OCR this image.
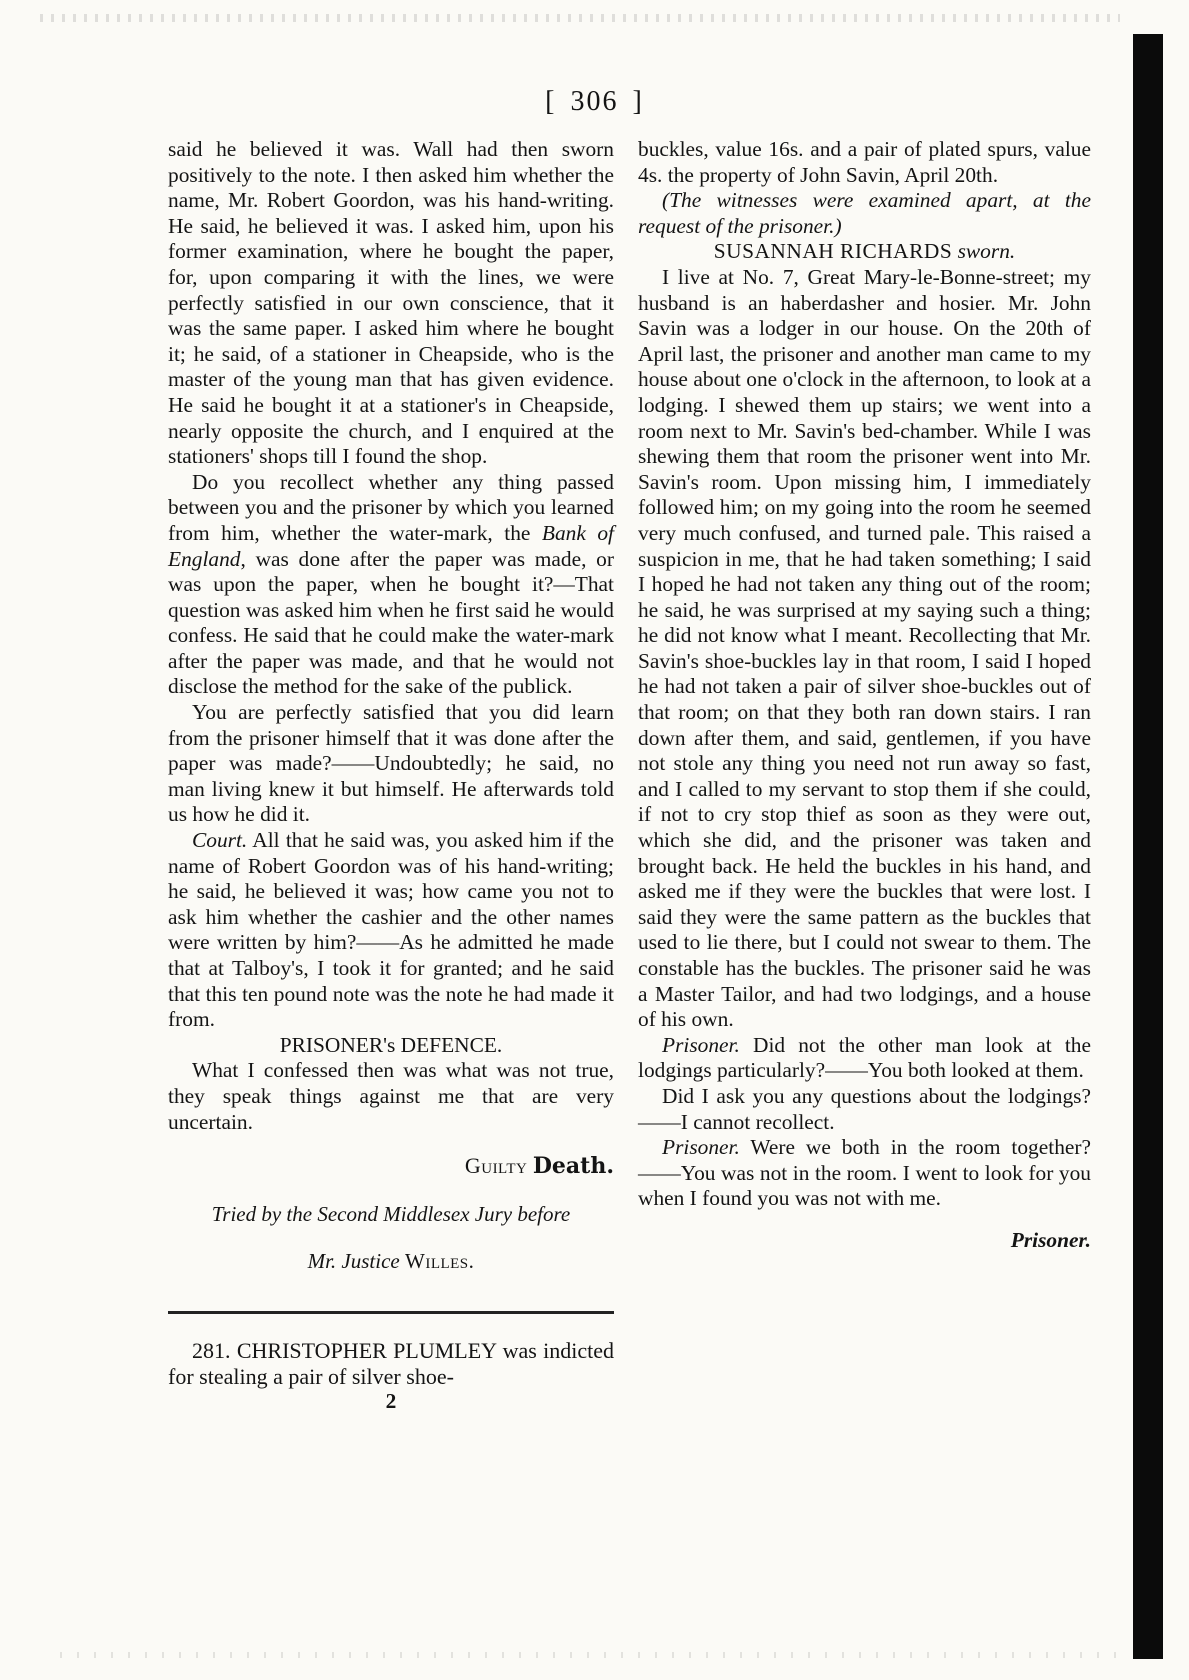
[ 306 ]

said he believed it was. Wall had then sworn positively to the note. I then asked him whether the name, Mr. Robert Goordon, was his hand-writing. He said, he believed it was. I asked him, upon his former examination, where he bought the paper, for, upon comparing it with the lines, we were perfectly satisfied in our own conscience, that it was the same paper. I asked him where he bought it; he said, of a stationer in Cheapside, who is the master of the young man that has given evidence. He said he bought it at a stationer's in Cheapside, nearly opposite the church, and I enquired at the stationers' shops till I found the shop.

Do you recollect whether any thing passed between you and the prisoner by which you learned from him, whether the water-mark, the Bank of England, was done after the paper was made, or was upon the paper, when he bought it?—That question was asked him when he first said he would confess. He said that he could make the water-mark after the paper was made, and that he would not disclose the method for the sake of the publick.

You are perfectly satisfied that you did learn from the prisoner himself that it was done after the paper was made?——Undoubtedly; he said, no man living knew it but himself. He afterwards told us how he did it.

Court. All that he said was, you asked him if the name of Robert Goordon was of his hand-writing; he said, he believed it was; how came you not to ask him whether the cashier and the other names were written by him?——As he admitted he made that at Talboy's, I took it for granted; and he said that this ten pound note was the note he had made it from.

PRISONER's DEFENCE.

What I confessed then was what was not true, they speak things against me that are very uncertain.

Guilty Death.

Tried by the Second Middlesex Jury before

Mr. Justice Willes.

281. CHRISTOPHER PLUMLEY was indicted for stealing a pair of silver shoe-

2

buckles, value 16s. and a pair of plated spurs, value 4s. the property of John Savin, April 20th.

(The witnesses were examined apart, at the request of the prisoner.)

SUSANNAH RICHARDS sworn.

I live at No. 7, Great Mary-le-Bonne-street; my husband is an haberdasher and hosier. Mr. John Savin was a lodger in our house. On the 20th of April last, the prisoner and another man came to my house about one o'clock in the afternoon, to look at a lodging. I shewed them up stairs; we went into a room next to Mr. Savin's bed-chamber. While I was shewing them that room the prisoner went into Mr. Savin's room. Upon missing him, I immediately followed him; on my going into the room he seemed very much confused, and turned pale. This raised a suspicion in me, that he had taken something; I said I hoped he had not taken any thing out of the room; he said, he was surprised at my saying such a thing; he did not know what I meant. Recollecting that Mr. Savin's shoe-buckles lay in that room, I said I hoped he had not taken a pair of silver shoe-buckles out of that room; on that they both ran down stairs. I ran down after them, and said, gentlemen, if you have not stole any thing you need not run away so fast, and I called to my servant to stop them if she could, if not to cry stop thief as soon as they were out, which she did, and the prisoner was taken and brought back. He held the buckles in his hand, and asked me if they were the buckles that were lost. I said they were the same pattern as the buckles that used to lie there, but I could not swear to them. The constable has the buckles. The prisoner said he was a Master Tailor, and had two lodgings, and a house of his own.

Prisoner. Did not the other man look at the lodgings particularly?——You both looked at them.

Did I ask you any questions about the lodgings?——I cannot recollect.

Prisoner. Were we both in the room together?——You was not in the room. I went to look for you when I found you was not with me.

Prisoner.
